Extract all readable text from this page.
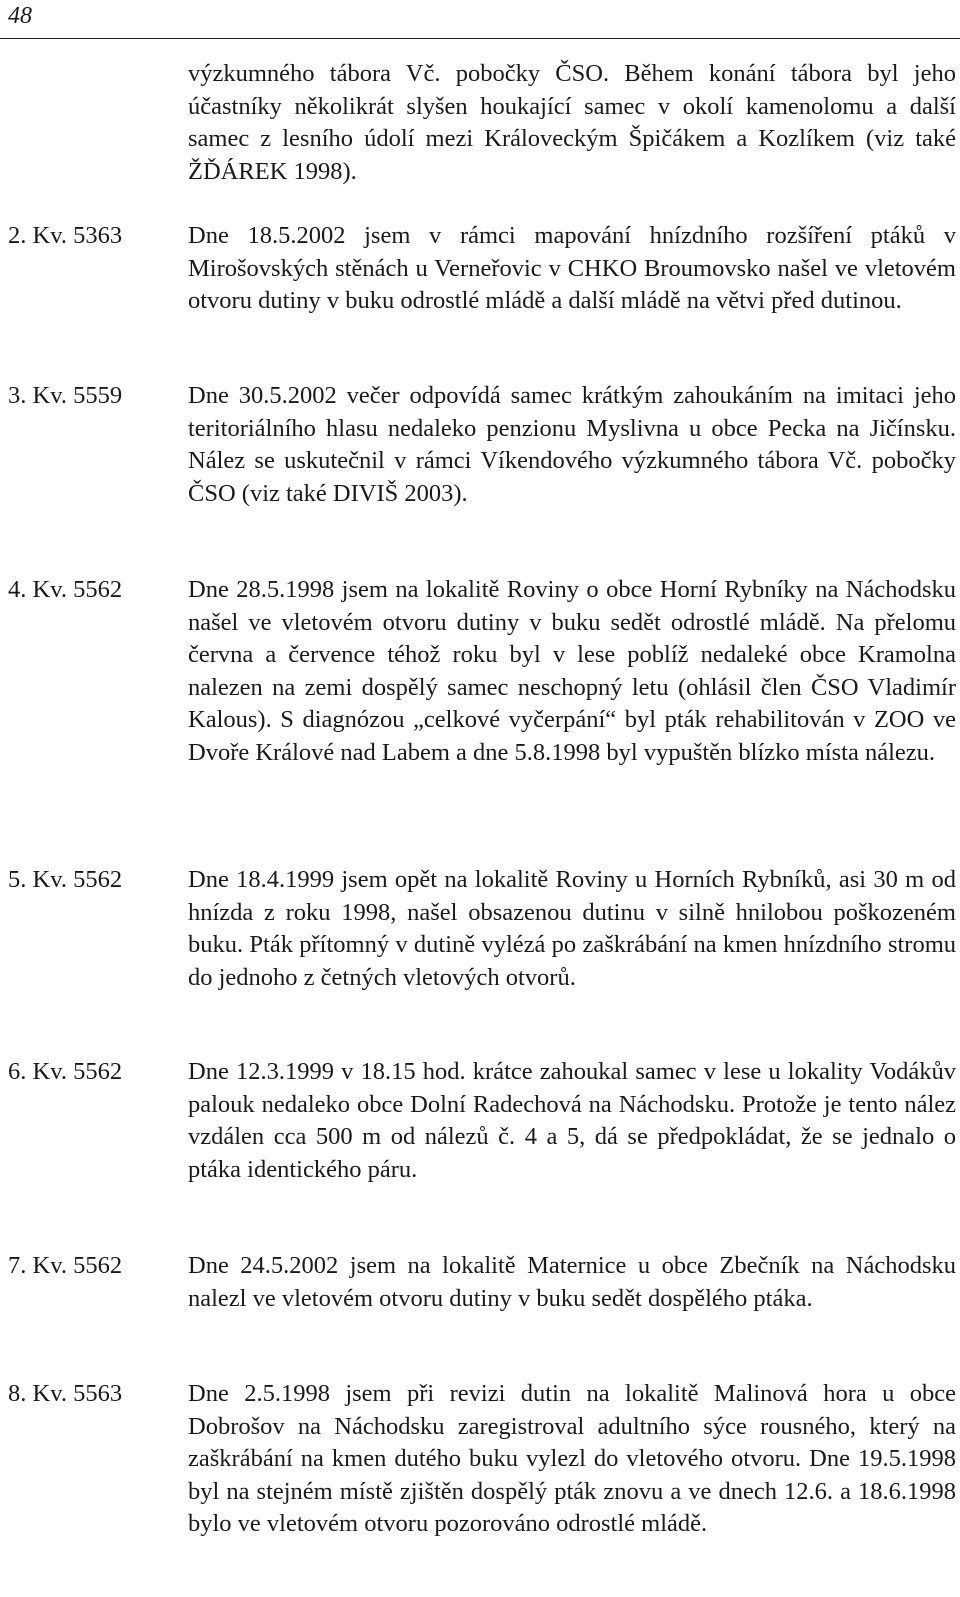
48
výzkumného tábora Vč. pobočky ČSO. Během konání tábora byl jeho účastníky několikrát slyšen houkající samec v okolí kamenolomu a další samec z lesního údolí mezi Královeckým Špičákem a Kozlíkem (viz také ŽĎÁREK 1998).
2. Kv. 5363	Dne 18.5.2002 jsem v rámci mapování hnízdního rozšíření ptáků v Mirošovských stěnách u Verneřovic v CHKO Broumovsko našel ve vletovém otvoru dutiny v buku odrostlé mládě a další mládě na větvi před dutinou.
3. Kv. 5559	Dne 30.5.2002 večer odpovídá samec krátkým zahoukáním na imitaci jeho teritoriálního hlasu nedaleko penzionu Myslivna u obce Pecka na Jičínsku. Nález se uskutečnil v rámci Víkendového výzkumného tábora Vč. pobočky ČSO (viz také DIVIŠ 2003).
4. Kv. 5562	Dne 28.5.1998 jsem na lokalitě Roviny o obce Horní Rybníky na Náchodsku našel ve vletovém otvoru dutiny v buku sedět odrostlé mládě. Na přelomu června a července téhož roku byl v lese poblíž nedaleké obce Kramolna nalezen na zemi dospělý samec neschopný letu (ohlásil člen ČSO Vladimír Kalous). S diagnózou „celkové vyčerpání“ byl pták rehabilitován v ZOO ve Dvoře Králové nad Labem a dne 5.8.1998 byl vypuštěn blízko místa nálezu.
5. Kv. 5562	Dne 18.4.1999 jsem opět na lokalitě Roviny u Horních Rybníků, asi 30 m od hnízda z roku 1998, našel obsazenou dutinu v silně hnilobou poškozeném buku. Pták přítomný v dutině vylézá po zaškrábání na kmen hnízdního stromu do jednoho z četných vletových otvorů.
6. Kv. 5562	Dne 12.3.1999 v 18.15 hod. krátce zahoukal samec v lese u lokality Vodákův palouk nedaleko obce Dolní Radechová na Náchodsku. Protože je tento nález vzdálen cca 500 m od nálezů č. 4 a 5, dá se předpokládat, že se jednalo o ptáka identického páru.
7. Kv. 5562	Dne 24.5.2002 jsem na lokalitě Maternice u obce Zbečník na Náchodsku nalezl ve vletovém otvoru dutiny v buku sedět dospělého ptáka.
8. Kv. 5563	Dne 2.5.1998 jsem při revizi dutin na lokalitě Malinová hora u obce Dobrošov na Náchodsku zaregistroval adultního sýce rousného, který na zaškrábání na kmen dutého buku vylezl do vletového otvoru. Dne 19.5.1998 byl na stejném místě zjištěn dospělý pták znovu a ve dnech 12.6. a 18.6.1998 bylo ve vletovém otvoru pozorováno odrostlé mládě.
